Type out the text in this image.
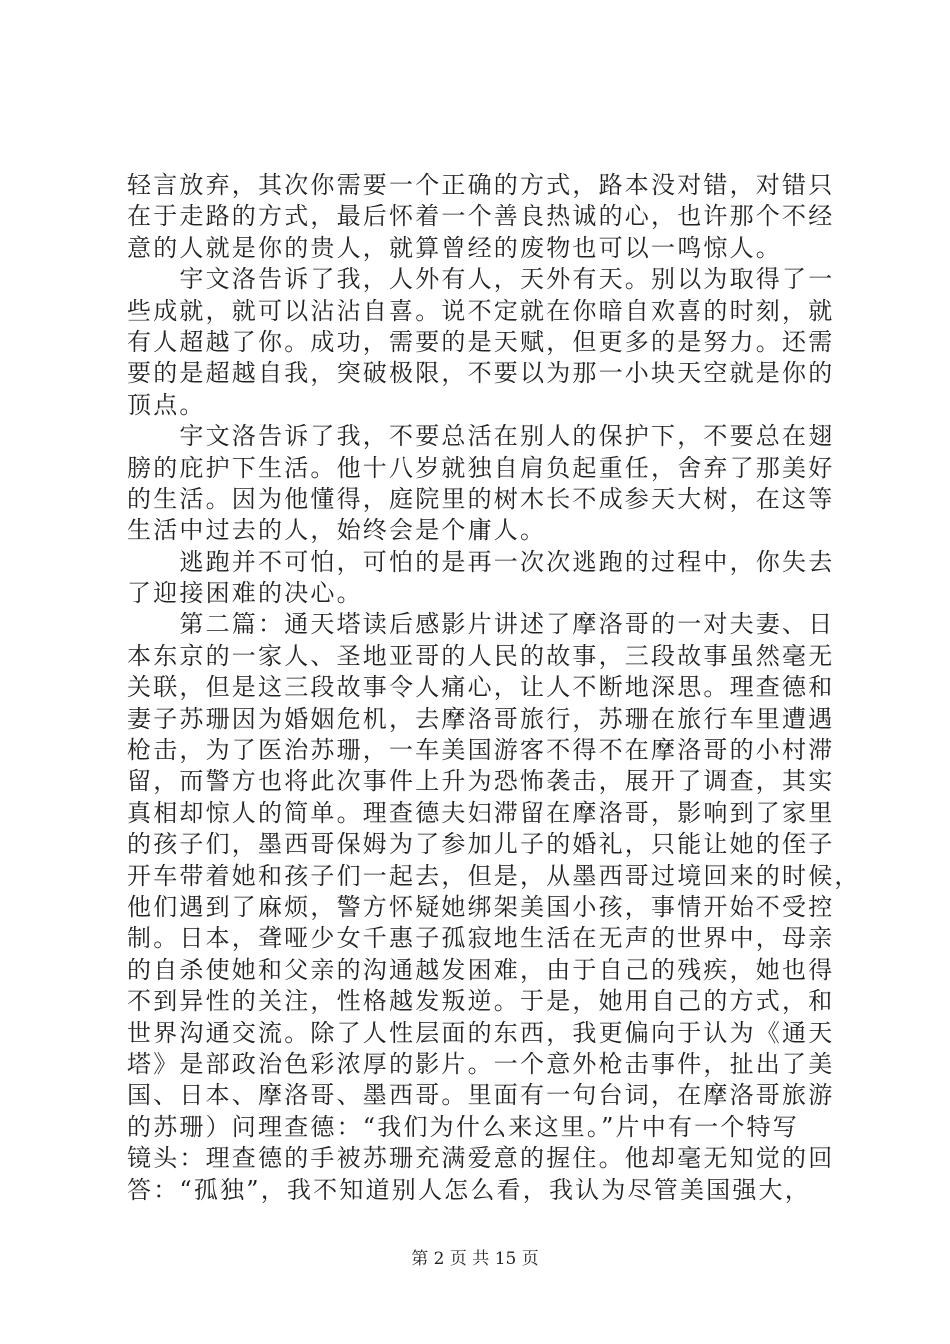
轻言放弃，其次你需要一个正确的方式，路本没对错，对错只
在于走路的方式，最后怀着一个善良热诚的心，也许那个不经
意的人就是你的贵人，就算曾经的废物也可以一鸣惊人。
　　宇文洛告诉了我，人外有人，天外有天。别以为取得了一
些成就，就可以沾沾自喜。说不定就在你暗自欢喜的时刻，就
有人超越了你。成功，需要的是天赋，但更多的是努力。还需
要的是超越自我，突破极限，不要以为那一小块天空就是你的
顶点。
　　宇文洛告诉了我，不要总活在别人的保护下，不要总在翅
膀的庇护下生活。他十八岁就独自肩负起重任，舍弃了那美好
的生活。因为他懂得，庭院里的树木长不成参天大树，在这等
生活中过去的人，始终会是个庸人。
　　逃跑并不可怕，可怕的是再一次次逃跑的过程中，你失去
了迎接困难的决心。
　　第二篇：通天塔读后感影片讲述了摩洛哥的一对夫妻、日
本东京的一家人、圣地亚哥的人民的故事，三段故事虽然毫无
关联，但是这三段故事令人痛心，让人不断地深思。理查德和
妻子苏珊因为婚姻危机，去摩洛哥旅行，苏珊在旅行车里遭遇
枪击，为了医治苏珊，一车美国游客不得不在摩洛哥的小村滞
留，而警方也将此次事件上升为恐怖袭击，展开了调查，其实
真相却惊人的简单。理查德夫妇滞留在摩洛哥，影响到了家里
的孩子们，墨西哥保姆为了参加儿子的婚礼，只能让她的侄子
开车带着她和孩子们一起去，但是，从墨西哥过境回来的时候，
他们遇到了麻烦，警方怀疑她绑架美国小孩，事情开始不受控
制。日本，聋哑少女千惠子孤寂地生活在无声的世界中，母亲
的自杀使她和父亲的沟通越发困难，由于自己的残疾，她也得
不到异性的关注，性格越发叛逆。于是，她用自己的方式，和
世界沟通交流。除了人性层面的东西，我更偏向于认为《通天
塔》是部政治色彩浓厚的影片。一个意外枪击事件，扯出了美
国、日本、摩洛哥、墨西哥。里面有一句台词，在摩洛哥旅游
的苏珊）问理查德：“我们为什么来这里。”片中有一个特写
镜头：理查德的手被苏珊充满爱意的握住。他却毫无知觉的回
答：“孤独”，我不知道别人怎么看，我认为尽管美国强大，
第 2 页 共 15 页
